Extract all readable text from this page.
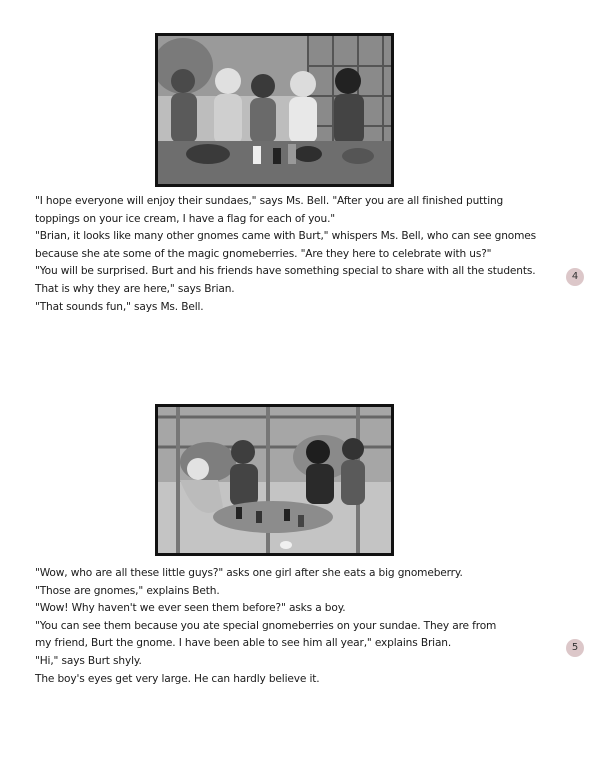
"I hope everyone will enjoy their sundaes," says Ms. Bell. "After you are all finished putting

toppings on your ice cream, I have a flag for each of you."

"Brian, it looks like many other gnomes came with Burt," whispers Ms. Bell, who can see gnomes

because she ate some of the magic gnomeberries. "Are they here to celebrate with us?"

"You will be surprised. Burt and his friends have something special to share with all the students.

That is why they are here," says Brian.

"That sounds fun," says Ms. Bell.

4

"Wow, who are all these little guys?" asks one girl after she eats a big gnomeberry.

"Those are gnomes," explains Beth.

"Wow! Why haven't we ever seen them before?" asks a boy.

"You can see them because you ate special gnomeberries on your sundae. They are from

my friend, Burt the gnome. I have been able to see him all year," explains Brian.

"Hi," says Burt shyly.

The boy's eyes get very large. He can hardly believe it.

5
